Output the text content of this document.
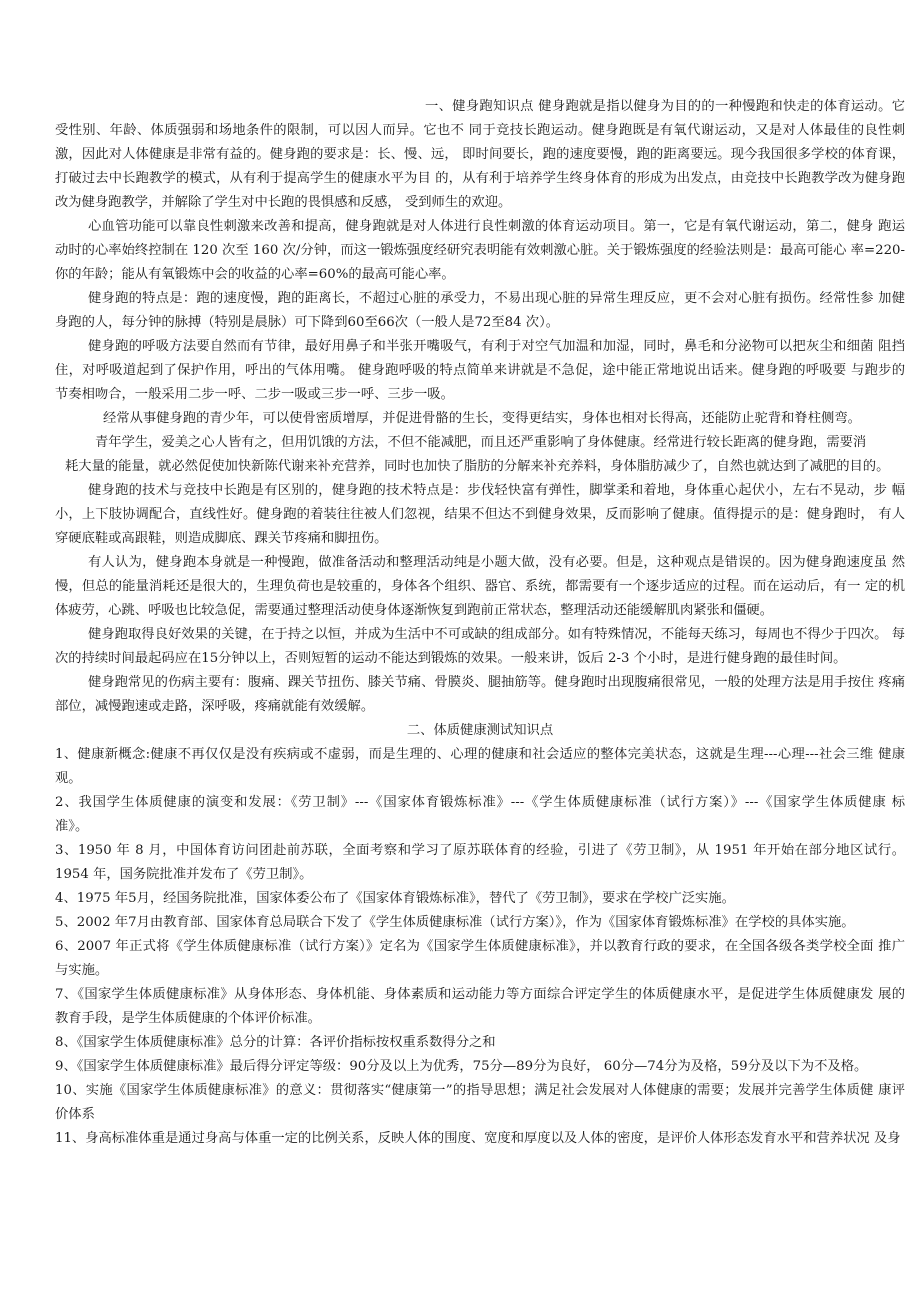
一、健身跑知识点 健身跑就是指以健身为目的的一种慢跑和快走的体育运动。它
受性别、年龄、体质强弱和场地条件的限制，可以因人而异。它也不 同于竞技长跑运动。健身跑既是有氧代谢运动，又是对人体最佳的良性刺
激，因此对人体健康是非常有益的。健身跑的要求是：长、慢、远， 即时间要长，跑的速度要慢，跑的距离要远。现今我国很多学校的体育课，
打破过去中长跑教学的模式，从有利于提高学生的健康水平为目 的，从有利于培养学生终身体育的形成为出发点，由竞技中长跑教学改为健身跑
改为健身跑教学，并解除了学生对中长跑的畏惧感和反感， 受到师生的欢迎。
心血管功能可以靠良性刺激来改善和提高，健身跑就是对人体进行良性刺激的体育运动项目。第一，它是有氧代谢运动，第二，健身 跑运
动时的心率始终控制在 120 次至 160 次/分钟，而这一锻炼强度经研究表明能有效刺激心脏。关于锻炼强度的经验法则是：最高可能心 率=220-
你的年龄；能从有氧锻炼中会的收益的心率=60%的最高可能心率。
健身跑的特点是：跑的速度慢，跑的距离长，不超过心脏的承受力，不易出现心脏的异常生理反应，更不会对心脏有损伤。经常性参 加健
身跑的人，每分钟的脉搏（特别是晨脉）可下降到60至66次（一般人是72至84 次）。
健身跑的呼吸方法要自然而有节律，最好用鼻子和半张开嘴吸气，有利于对空气加温和加湿，同时，鼻毛和分泌物可以把灰尘和细菌 阻挡
住，对呼吸道起到了保护作用，呼出的气体用嘴。 健身跑呼吸的特点简单来讲就是不急促，途中能正常地说出话来。健身跑的呼吸要 与跑步的
节奏相吻合，一般采用二步一呼、二步一吸或三步一呼、三步一吸。
经常从事健身跑的青少年，可以使骨密质增厚，并促进骨骼的生长，变得更结实，身体也相对长得高，还能防止驼背和脊柱侧弯。
青年学生，爱美之心人皆有之，但用饥饿的方法，不但不能减肥，而且还严重影响了身体健康。经常进行较长距离的健身跑，需要消
耗大量的能量，就必然促使加快新陈代谢来补充营养，同时也加快了脂肪的分解来补充养料，身体脂肪减少了，自然也就达到了减肥的目的。
健身跑的技术与竞技中长跑是有区别的，健身跑的技术特点是：步伐轻快富有弹性，脚掌柔和着地，身体重心起伏小，左右不晃动，步 幅
小，上下肢协调配合，直线性好。健身跑的着装往往被人们忽视，结果不但达不到健身效果，反而影响了健康。值得提示的是：健身跑时， 有人
穿硬底鞋或高跟鞋，则造成脚底、踝关节疼痛和脚扭伤。
有人认为，健身跑本身就是一种慢跑，做准备活动和整理活动纯是小题大做，没有必要。但是，这种观点是错误的。因为健身跑速度虽 然
慢，但总的能量消耗还是很大的，生理负荷也是较重的，身体各个组织、器官、系统，都需要有一个逐步适应的过程。而在运动后，有一 定的机
体疲劳，心跳、呼吸也比较急促，需要通过整理活动使身体逐渐恢复到跑前正常状态，整理活动还能缓解肌肉紧张和僵硬。
健身跑取得良好效果的关键，在于持之以恒，并成为生活中不可或缺的组成部分。如有特殊情况，不能每天练习，每周也不得少于四次。 每
次的持续时间最起码应在15分钟以上，否则短暂的运动不能达到锻炼的效果。一般来讲，饭后 2-3 个小时，是进行健身跑的最佳时间。
健身跑常见的伤病主要有：腹痛、踝关节扭伤、膝关节痛、骨膜炎、腿抽筋等。健身跑时出现腹痛很常见，一般的处理方法是用手按住 疼痛
部位，减慢跑速或走路，深呼吸，疼痛就能有效缓解。
二、体质健康测试知识点
1、健康新概念:健康不再仅仅是没有疾病或不虚弱，而是生理的、心理的健康和社会适应的整体完美状态，这就是生理---心理---社会三维 健康
观。
2、我国学生体质健康的演变和发展：《劳卫制》---《国家体育锻炼标准》---《学生体质健康标准（试行方案）》---《国家学生体质健康 标
准》。
3、1950 年 8 月，中国体育访问团赴前苏联，全面考察和学习了原苏联体育的经验，引进了《劳卫制》，从 1951 年开始在部分地区试行。
1954 年，国务院批准并发布了《劳卫制》。
4、1975 年5月，经国务院批准，国家体委公布了《国家体育锻炼标准》，替代了《劳卫制》，要求在学校广泛实施。
5、2002 年7月由教育部、国家体育总局联合下发了《学生体质健康标准（试行方案）》，作为《国家体育锻炼标准》在学校的具体实施。
6、2007 年正式将《学生体质健康标准（试行方案）》定名为《国家学生体质健康标准》，并以教育行政的要求，在全国各级各类学校全面 推广
与实施。
7、《国家学生体质健康标准》从身体形态、身体机能、身体素质和运动能力等方面综合评定学生的体质健康水平，是促进学生体质健康发 展的
教育手段，是学生体质健康的个体评价标准。
8、《国家学生体质健康标准》总分的计算：各评价指标按权重系数得分之和
9、《国家学生体质健康标准》最后得分评定等级：90分及以上为优秀，75分—89分为良好， 60分—74分为及格，59分及以下为不及格。
10、实施《国家学生体质健康标准》的意义：贯彻落实“健康第一”的指导思想；满足社会发展对人体健康的需要；发展并完善学生体质健 康评
价体系
11、身高标准体重是通过身高与体重一定的比例关系，反映人体的围度、宽度和厚度以及人体的密度，是评价人体形态发育水平和营养状况 及身
